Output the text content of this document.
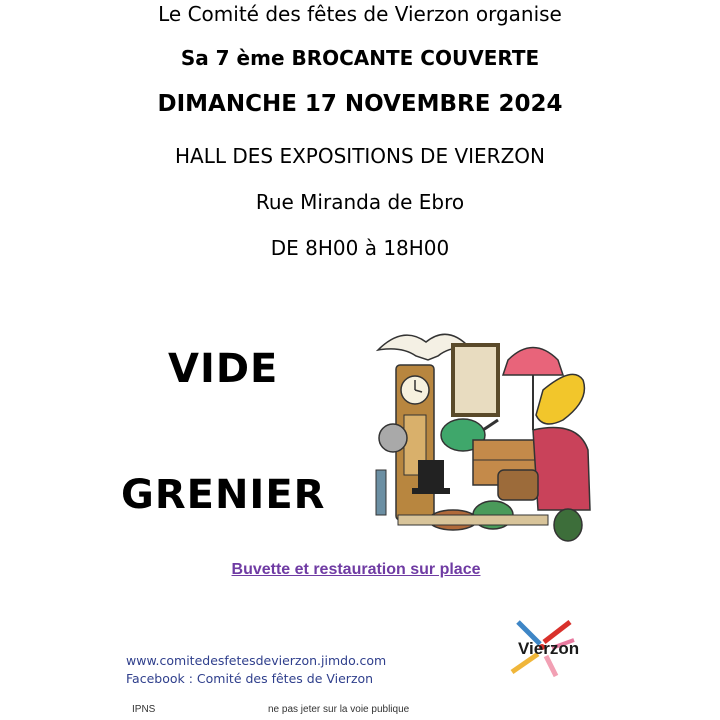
Le Comité des fêtes de Vierzon organise
Sa 7 ème BROCANTE COUVERTE
DIMANCHE 17 NOVEMBRE 2024
HALL DES EXPOSITIONS DE VIERZON
Rue Miranda de Ebro
DE 8H00 à 18H00
VIDE
GRENIER
Buvette et restauration sur place
www.comitedesfetesdevierzon.jimdo.com
Facebook : Comité des fêtes de Vierzon
Vierzon
IPNS	ne pas jeter sur la voie publique
